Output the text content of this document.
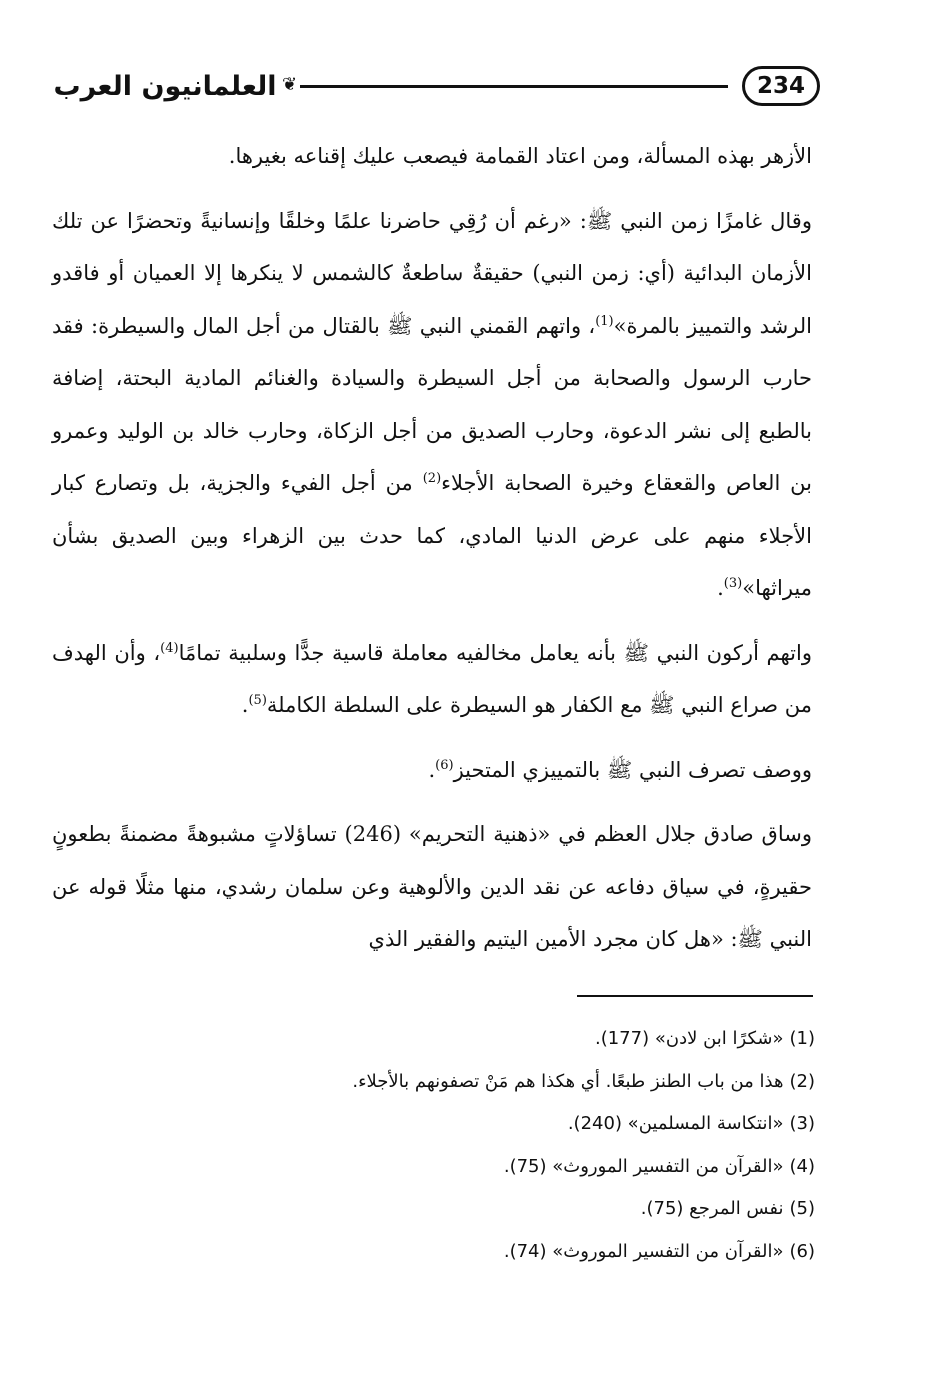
234
❦
العلمانيون العرب

الأزهر بهذه المسألة، ومن اعتاد القمامة فيصعب عليك إقناعه بغيرها.

وقال غامزًا زمن النبي ﷺ: «رغم أن رُقِي حاضرنا علمًا وخلقًا وإنسانيةً وتحضرًا عن تلك الأزمان البدائية (أي: زمن النبي) حقيقةٌ ساطعةٌ كالشمس لا ينكرها إلا العميان أو فاقدو الرشد والتمييز بالمرة»$^{(1)}$، واتهم القمني النبي ﷺ بالقتال من أجل المال والسيطرة: فقد حارب الرسول والصحابة من أجل السيطرة والسيادة والغنائم المادية البحتة، إضافة بالطبع إلى نشر الدعوة، وحارب الصديق من أجل الزكاة، وحارب خالد بن الوليد وعمرو بن العاص والقعقاع وخيرة الصحابة الأجلاء$^{(2)}$ من أجل الفيء والجزية، بل وتصارع كبار الأجلاء منهم على عرض الدنيا المادي، كما حدث بين الزهراء وبين الصديق بشأن ميراثها»$^{(3)}$.

واتهم أركون النبي ﷺ بأنه يعامل مخالفيه معاملة قاسية جدًّا وسلبية تمامًا$^{(4)}$، وأن الهدف من صراع النبي ﷺ مع الكفار هو السيطرة على السلطة الكاملة$^{(5)}$.

ووصف تصرف النبي ﷺ بالتمييزي المتحيز$^{(6)}$.

وساق صادق جلال العظم في «ذهنية التحريم» (246) تساؤلاتٍ مشبوهةً مضمنةً بطعونٍ حقيرةٍ، في سياق دفاعه عن نقد الدين والألوهية وعن سلمان رشدي، منها مثلًا قوله عن النبي ﷺ: «هل كان مجرد الأمين اليتيم والفقير الذي

(1)«شكرًا ابن لادن» (177).
(2)هذا من باب الطنز طبعًا. أي هكذا هم مَنْ تصفونهم بالأجلاء.
(3)«انتكاسة المسلمين» (240).
(4)«القرآن من التفسير الموروث» (75).
(5)نفس المرجع (75).
(6)«القرآن من التفسير الموروث» (74).
